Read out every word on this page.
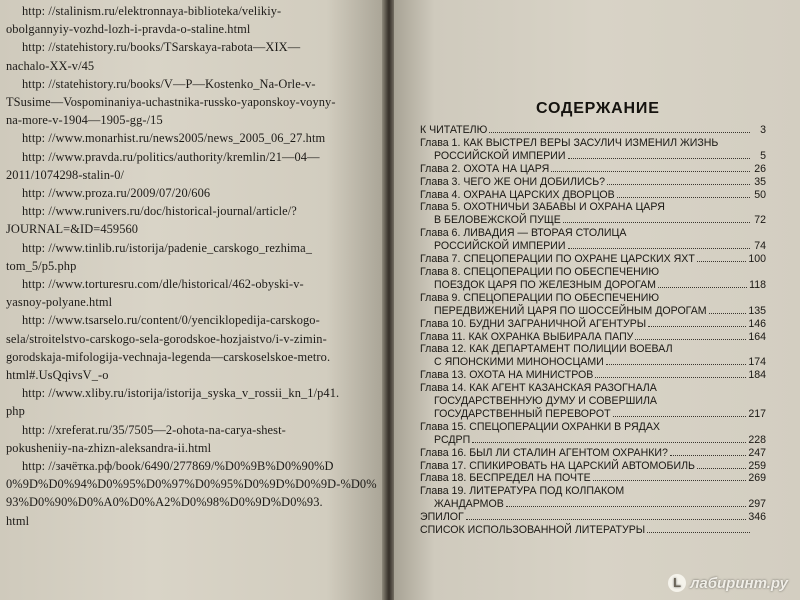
http: //stalinism.ru/elektronnaya-biblioteka/velikiy-
obolgannyiy-vozhd-lozh-i-pravda-o-staline.html
http: //statehistory.ru/books/TSarskaya-rabota—XIX—
nachalo-XX-v/45
http: //statehistory.ru/books/V—P—Kostenko_Na-Orle-v-
TSusime—Vospominaniya-uchastnika-russko-yaponskoy-voyny-
na-more-v-1904—1905-gg-/15
http: //www.monarhist.ru/news2005/news_2005_06_27.htm
http: //www.pravda.ru/politics/authority/kremlin/21—04—
2011/1074298-stalin-0/
http: //www.proza.ru/2009/07/20/606
http: //www.runivers.ru/doc/historical-journal/article/?
JOURNAL=&ID=459560
http: //www.tinlib.ru/istorija/padenie_carskogo_rezhima_
tom_5/p5.php
http: //www.torturesru.com/dle/historical/462-obyski-v-
yasnoy-polyane.html
http: //www.tsarselo.ru/content/0/yenciklopedija-carskogo-
sela/stroitelstvo-carskogo-sela-gorodskoe-hozjaistvo/i-v-zimin-
gorodskaja-mifologija-vechnaja-legenda—carskoselskoe-metro.
html#.UsQqivsV_-o
http: //www.xliby.ru/istorija/istorija_syska_v_rossii_kn_1/p41.
php
http: //xreferat.ru/35/7505—2-ohota-na-carya-shest-
pokusheniiy-na-zhizn-aleksandra-ii.html
http: //зачётка.рф/book/6490/277869/%D0%9B%D0%90%D
0%9D%D0%94%D0%95%D0%97%D0%95%D0%9D%D0%9D-%D0%
93%D0%90%D0%A0%D0%A2%D0%98%D0%9D%D0%93.
html
СОДЕРЖАНИЕ
К ЧИТАТЕЛЮ	3
Глава 1. КАК ВЫСТРЕЛ ВЕРЫ ЗАСУЛИЧ ИЗМЕНИЛ ЖИЗНЬ
РОССИЙСКОЙ ИМПЕРИИ	5
Глава 2. ОХОТА НА ЦАРЯ	26
Глава 3. ЧЕГО ЖЕ ОНИ ДОБИЛИСЬ?	35
Глава 4. ОХРАНА ЦАРСКИХ ДВОРЦОВ	50
Глава 5. ОХОТНИЧЬИ ЗАБАВЫ И ОХРАНА ЦАРЯ
В БЕЛОВЕЖСКОЙ ПУЩЕ	72
Глава 6. ЛИВАДИЯ — ВТОРАЯ СТОЛИЦА
РОССИЙСКОЙ ИМПЕРИИ	74
Глава 7. СПЕЦОПЕРАЦИИ ПО ОХРАНЕ ЦАРСКИХ ЯХТ	100
Глава 8. СПЕЦОПЕРАЦИИ ПО ОБЕСПЕЧЕНИЮ
ПОЕЗДОК ЦАРЯ ПО ЖЕЛЕЗНЫМ ДОРОГАМ	118
Глава 9. СПЕЦОПЕРАЦИИ ПО ОБЕСПЕЧЕНИЮ
ПЕРЕДВИЖЕНИЙ ЦАРЯ ПО ШОССЕЙНЫМ ДОРОГАМ	135
Глава 10. БУДНИ ЗАГРАНИЧНОЙ АГЕНТУРЫ	146
Глава 11. КАК ОХРАНКА ВЫБИРАЛА ПАПУ	164
Глава 12. КАК ДЕПАРТАМЕНТ ПОЛИЦИИ ВОЕВАЛ
С ЯПОНСКИМИ МИНОНОСЦАМИ	174
Глава 13. ОХОТА НА МИНИСТРОВ	184
Глава 14. КАК АГЕНТ КАЗАНСКАЯ РАЗОГНАЛА
ГОСУДАРСТВЕННУЮ ДУМУ И СОВЕРШИЛА
ГОСУДАРСТВЕННЫЙ ПЕРЕВОРОТ	217
Глава 15. СПЕЦОПЕРАЦИИ ОХРАНКИ В РЯДАХ
РСДРП	228
Глава 16. БЫЛ ЛИ СТАЛИН АГЕНТОМ ОХРАНКИ?	247
Глава 17. СПИКИРОВАТЬ НА ЦАРСКИЙ АВТОМОБИЛЬ	259
Глава 18. БЕСПРЕДЕЛ НА ПОЧТЕ	269
Глава 19. ЛИТЕРАТУРА ПОД КОЛПАКОМ
ЖАНДАРМОВ	297
ЭПИЛОГ	346
СПИСОК ИСПОЛЬЗОВАННОЙ ЛИТЕРАТУРЫ
L лабиринт.ру
